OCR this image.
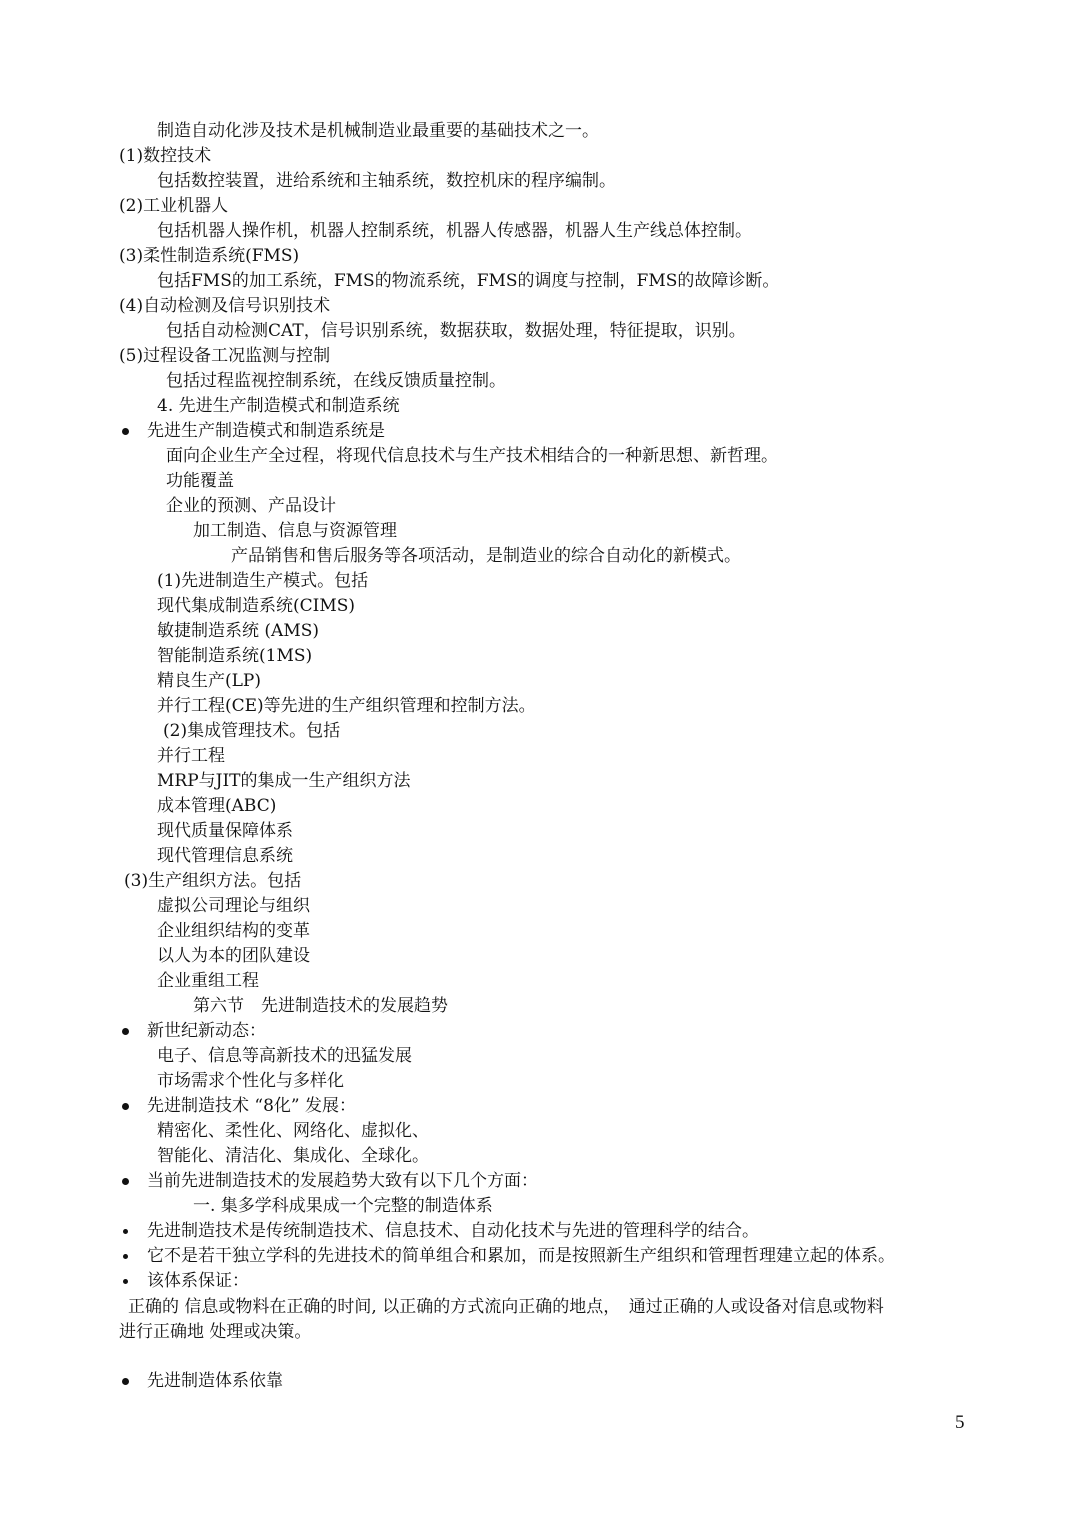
制造自动化涉及技术是机械制造业最重要的基础技术之一。
(1)数控技术
包括数控装置，进给系统和主轴系统，数控机床的程序编制。
(2)工业机器人
包括机器人操作机，机器人控制系统，机器人传感器，机器人生产线总体控制。
(3)柔性制造系统(FMS)
包括FMS的加工系统，FMS的物流系统，FMS的调度与控制，FMS的故障诊断。
(4)自动检测及信号识别技术
包括自动检测CAT，信号识别系统，数据获取，数据处理，特征提取，识别。
(5)过程设备工况监测与控制
包括过程监视控制系统，在线反馈质量控制。
4. 先进生产制造模式和制造系统
先进生产制造模式和制造系统是
面向企业生产全过程，将现代信息技术与生产技术相结合的一种新思想、新哲理。
功能覆盖
企业的预测、产品设计
加工制造、信息与资源管理
产品销售和售后服务等各项活动，是制造业的综合自动化的新模式。
(1)先进制造生产模式。包括
现代集成制造系统(CIMS)
敏捷制造系统 (AMS)
智能制造系统(1MS)
精良生产(LP)
并行工程(CE)等先进的生产组织管理和控制方法。
(2)集成管理技术。包括
并行工程
MRP与JIT的集成一生产组织方法
成本管理(ABC)
现代质量保障体系
现代管理信息系统
(3)生产组织方法。包括
虚拟公司理论与组织
企业组织结构的变革
以人为本的团队建设
企业重组工程
第六节　先进制造技术的发展趋势
新世纪新动态：
电子、信息等高新技术的迅猛发展
市场需求个性化与多样化
先进制造技术 “8化” 发展：
精密化、柔性化、网络化、虚拟化、
智能化、清洁化、集成化、全球化。
当前先进制造技术的发展趋势大致有以下几个方面：
一. 集多学科成果成一个完整的制造体系
先进制造技术是传统制造技术、信息技术、自动化技术与先进的管理科学的结合。
它不是若干独立学科的先进技术的简单组合和累加，而是按照新生产组织和管理哲理建立起的体系。
该体系保证：
正确的 信息或物料在正确的时间, 以正确的方式流向正确的地点，　通过正确的人或设备对信息或物料
进行正确地 处理或决策。
先进制造体系依靠
5
